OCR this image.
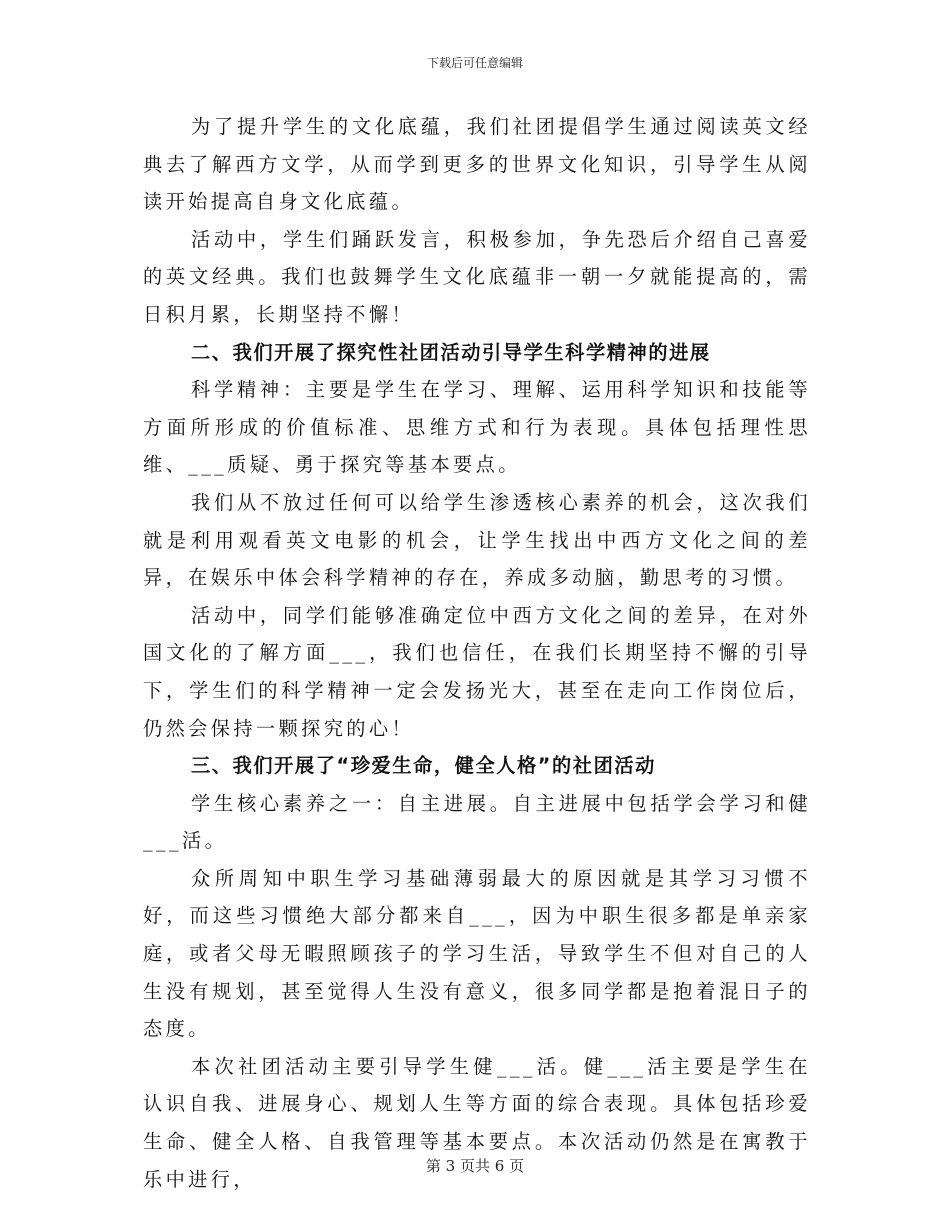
下载后可任意编辑

为了提升学生的文化底蕴，我们社团提倡学生通过阅读英文经典去了解西方文学，从而学到更多的世界文化知识，引导学生从阅读开始提高自身文化底蕴。

活动中，学生们踊跃发言，积极参加，争先恐后介绍自己喜爱的英文经典。我们也鼓舞学生文化底蕴非一朝一夕就能提高的，需日积月累，长期坚持不懈！

二、我们开展了探究性社团活动引导学生科学精神的进展

科学精神：主要是学生在学习、理解、运用科学知识和技能等方面所形成的价值标准、思维方式和行为表现。具体包括理性思维、___质疑、勇于探究等基本要点。

我们从不放过任何可以给学生渗透核心素养的机会，这次我们就是利用观看英文电影的机会，让学生找出中西方文化之间的差异，在娱乐中体会科学精神的存在，养成多动脑，勤思考的习惯。

活动中，同学们能够准确定位中西方文化之间的差异，在对外国文化的了解方面___，我们也信任，在我们长期坚持不懈的引导下，学生们的科学精神一定会发扬光大，甚至在走向工作岗位后，仍然会保持一颗探究的心！

三、我们开展了“珍爱生命，健全人格”的社团活动

学生核心素养之一：自主进展。自主进展中包括学会学习和健___活。

众所周知中职生学习基础薄弱最大的原因就是其学习习惯不好，而这些习惯绝大部分都来自___，因为中职生很多都是单亲家庭，或者父母无暇照顾孩子的学习生活，导致学生不但对自己的人生没有规划，甚至觉得人生没有意义，很多同学都是抱着混日子的态度。

本次社团活动主要引导学生健___活。健___活主要是学生在认识自我、进展身心、规划人生等方面的综合表现。具体包括珍爱生命、健全人格、自我管理等基本要点。本次活动仍然是在寓教于乐中进行，

第 3 页共 6 页
